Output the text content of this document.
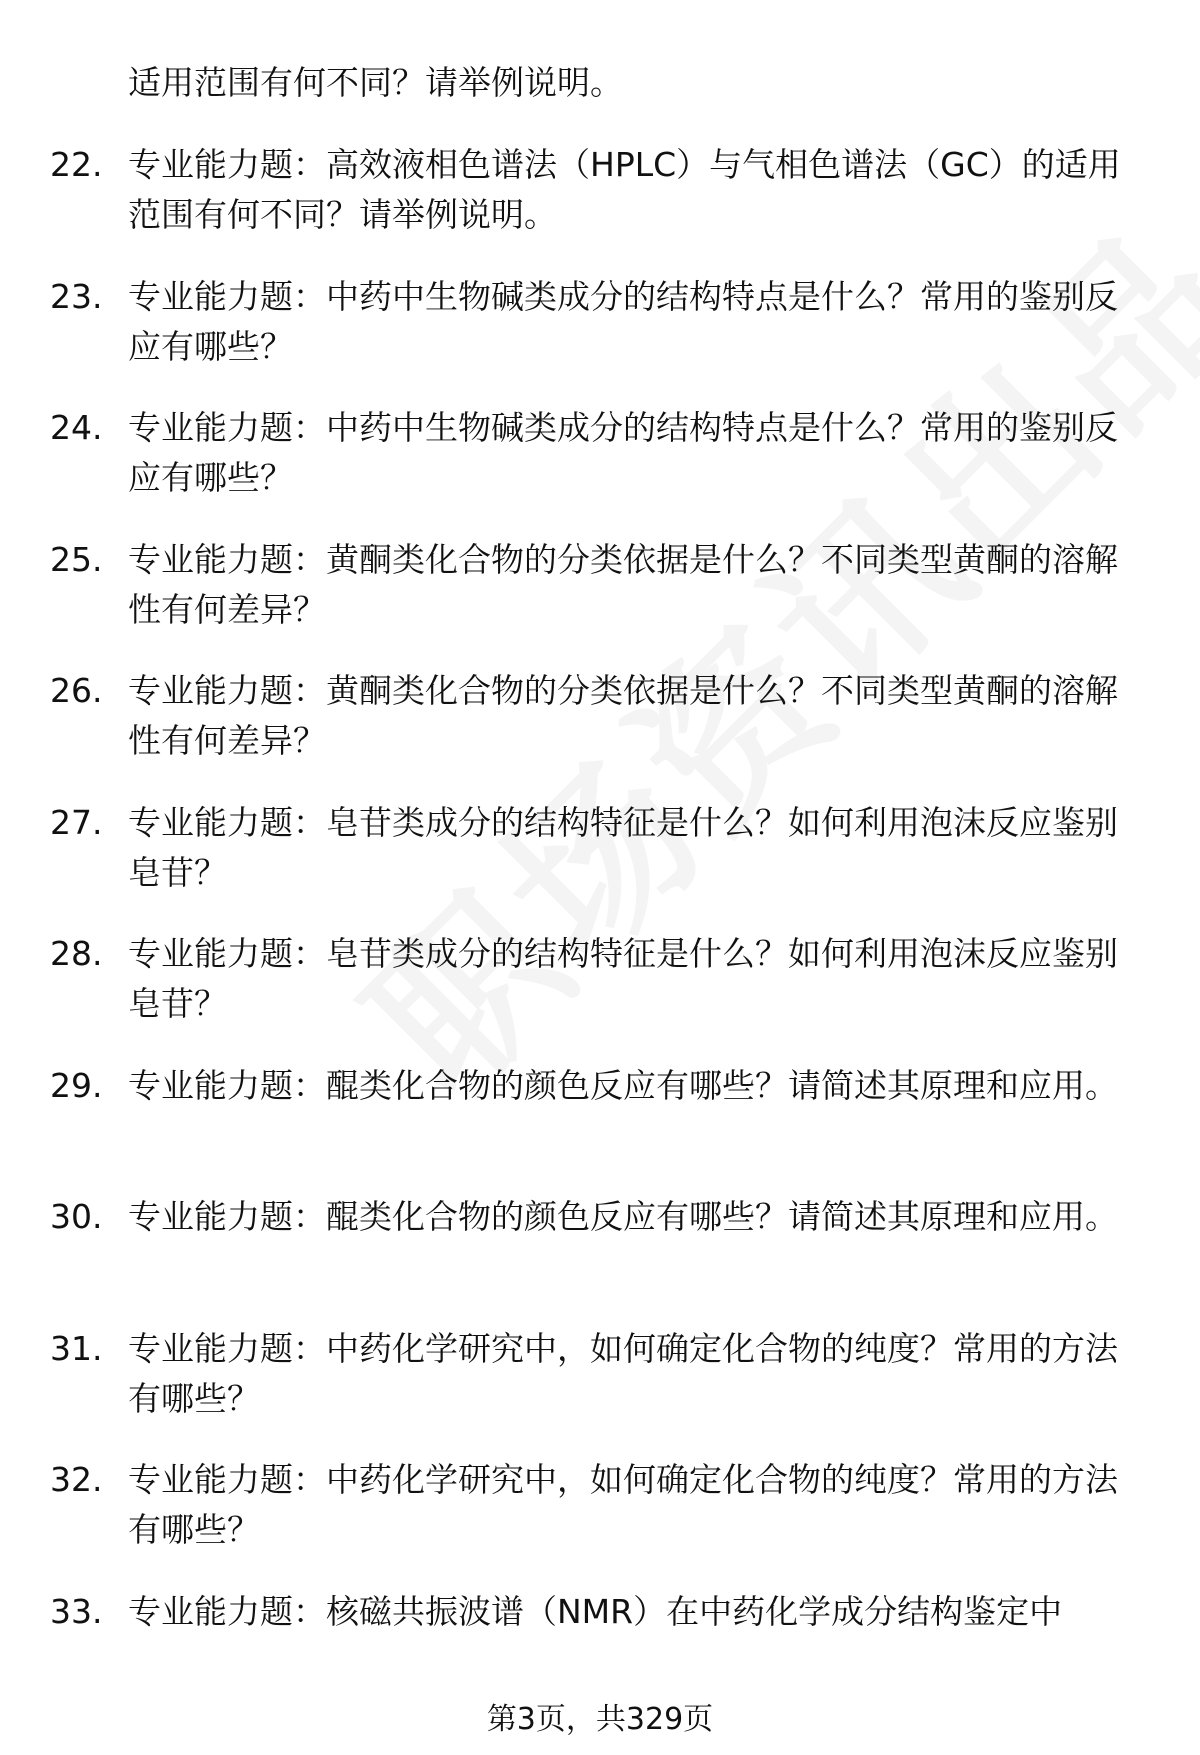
适用范围有何不同？请举例说明。

22. 专业能力题：高效液相色谱法（HPLC）与气相色谱法（GC）的适用范围有何不同？请举例说明。
23. 专业能力题：中药中生物碱类成分的结构特点是什么？常用的鉴别反应有哪些？
24. 专业能力题：中药中生物碱类成分的结构特点是什么？常用的鉴别反应有哪些？
25. 专业能力题：黄酮类化合物的分类依据是什么？不同类型黄酮的溶解性有何差异？
26. 专业能力题：黄酮类化合物的分类依据是什么？不同类型黄酮的溶解性有何差异？
27. 专业能力题：皂苷类成分的结构特征是什么？如何利用泡沫反应鉴别皂苷？
28. 专业能力题：皂苷类成分的结构特征是什么？如何利用泡沫反应鉴别皂苷？
29. 专业能力题：醌类化合物的颜色反应有哪些？请简述其原理和应用。
30. 专业能力题：醌类化合物的颜色反应有哪些？请简述其原理和应用。
31. 专业能力题：中药化学研究中，如何确定化合物的纯度？常用的方法有哪些？
32. 专业能力题：中药化学研究中，如何确定化合物的纯度？常用的方法有哪些？
33. 专业能力题：核磁共振波谱（NMR）在中药化学成分结构鉴定中
第3页，共329页
